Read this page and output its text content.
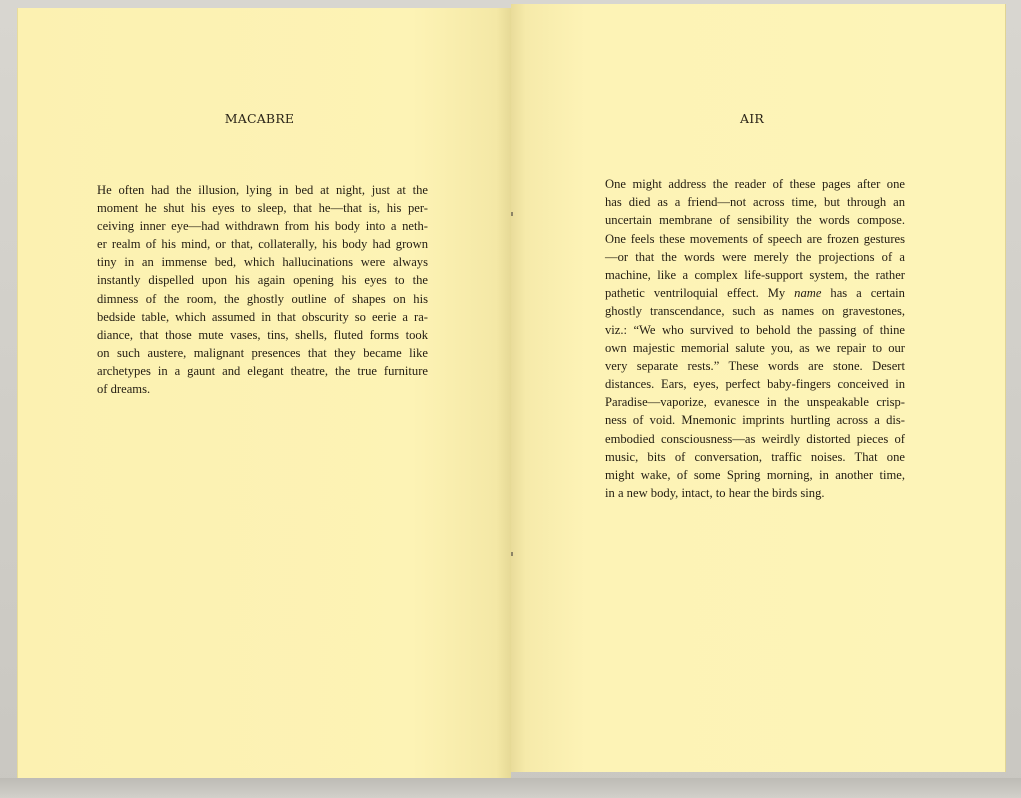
MACABRE
He often had the illusion, lying in bed at night, just at the
moment he shut his eyes to sleep, that he—that is, his per-
ceiving inner eye—had withdrawn from his body into a neth-
er realm of his mind, or that, collaterally, his body had grown
tiny in an immense bed, which hallucinations were always
instantly dispelled upon his again opening his eyes to the
dimness of the room, the ghostly outline of shapes on his
bedside table, which assumed in that obscurity so eerie a ra-
diance, that those mute vases, tins, shells, fluted forms took
on such austere, malignant presences that they became like
archetypes in a gaunt and elegant theatre, the true furniture
of dreams.
AIR
One might address the reader of these pages after one
has died as a friend—not across time, but through an
uncertain membrane of sensibility the words compose.
One feels these movements of speech are frozen gestures
—or that the words were merely the projections of a
machine, like a complex life-support system, the rather
pathetic ventriloquial effect. My name has a certain
ghostly transcendance, such as names on gravestones,
viz.: “We who survived to behold the passing of thine
own majestic memorial salute you, as we repair to our
very separate rests.” These words are stone. Desert
distances. Ears, eyes, perfect baby-fingers conceived in
Paradise—vaporize, evanesce in the unspeakable crisp-
ness of void. Mnemonic imprints hurtling across a dis-
embodied consciousness—as weirdly distorted pieces of
music, bits of conversation, traffic noises. That one
might wake, of some Spring morning, in another time,
in a new body, intact, to hear the birds sing.
